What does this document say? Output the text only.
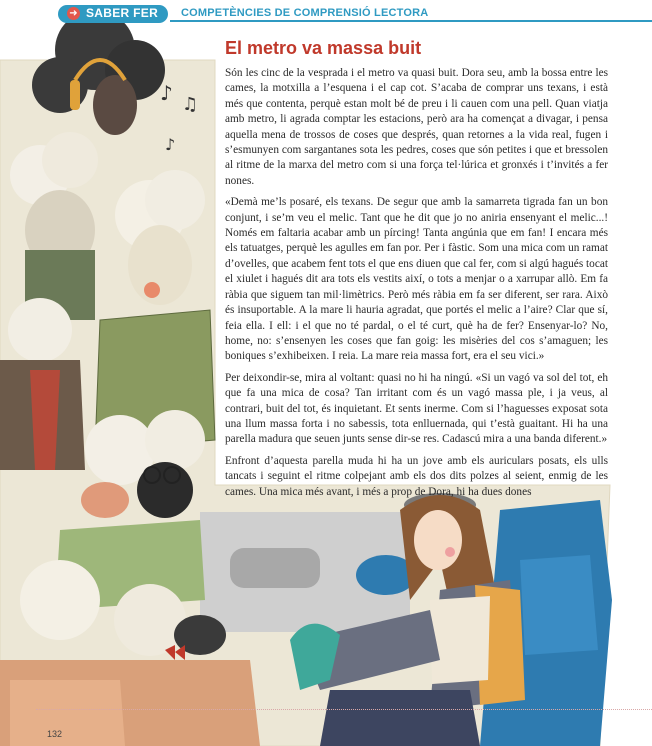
♪ ♫
♪
➜ SABER FER COMPETÈNCIES DE COMPRENSIÓ LECTORA
El metro va massa buit

Són les cinc de la vesprada i el metro va quasi buit. Dora seu, amb la bossa entre les cames, la motxilla a l’esquena i el cap cot. S’acaba de comprar uns texans, i està més que contenta, perquè estan molt bé de preu i li cauen com una pell. Quan viatja amb metro, li agrada comptar les estacions, però ara ha començat a divagar, i pensa aquella mena de trossos de coses que després, quan retornes a la vida real, fugen i s’esmunyen com sargantanes sota les pedres, coses que són petites i que et bressolen al ritme de la marxa del metro com si una força tel·lúrica et gronxés i t’invités a fer nones.

«Demà me’ls posaré, els texans. De segur que amb la samarreta tigrada fan un bon conjunt, i se’m veu el melic. Tant que he dit que jo no aniria ensenyant el melic...! Només em faltaria acabar amb un pírcing! Tanta angúnia que em fan! I encara més els tatuatges, perquè les agulles em fan por. Per i fàstic. Som una mica com un ramat d’ovelles, que acabem fent tots el que ens diuen que cal fer, com si algú hagués tocat el xiulet i hagués dit ara tots els vestits així, o tots a menjar o a xarrupar allò. Em fa ràbia que siguem tan mil·limètrics. Però més ràbia em fa ser diferent, ser rara. Això és insuportable. A la mare li hauria agradat, que portés el melic a l’aire? Clar que sí, feia ella. I ell: i el que no té pardal, o el té curt, què ha de fer? Ensenyar-lo? No, home, no: s’ensenyen les coses que fan goig: les misèries del cos s’amaguen; les boniques s’exhibeixen. I reia. La mare reia massa fort, era el seu vici.»

Per deixondir-se, mira al voltant: quasi no hi ha ningú. «Si un vagó va sol del tot, eh que fa una mica de cosa? Tan irritant com és un vagó massa ple, i ja veus, al contrari, buit del tot, és inquietant. Et sents inerme. Com si l’haguesses exposat sota una llum massa forta i no sabessis, tota enlluernada, qui t’està guaitant. Hi ha una parella madura que seuen junts sense dir-se res. Cadascú mira a una banda diferent.»

Enfront d’aquesta parella muda hi ha un jove amb els auriculars posats, els ulls tancats i seguint el ritme colpejant amb els dos dits polzes al seient, enmig de les cames. Una mica més avant, i més a prop de Dora, hi ha dues dones

132
